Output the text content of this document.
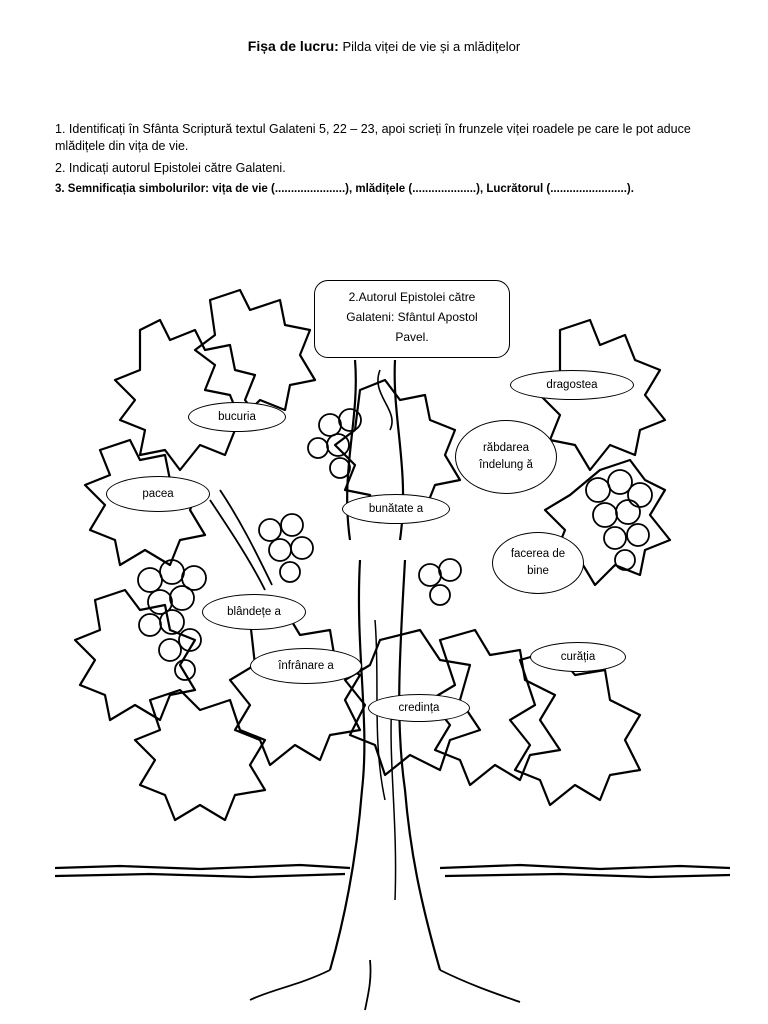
Fișa de lucru: Pilda viței de vie și a mlădițelor
1. Identificați în Sfânta Scriptură textul Galateni 5, 22 – 23, apoi scrieți în frunzele viței roadele pe care le pot aduce mlădițele din vița de vie.
2. Indicați autorul Epistolei către Galateni.
3. Semnificația simbolurilor: vița de vie (......................), mlădițele (....................), Lucrătorul (........................).
2.Autorul Epistolei către Galateni: Sfântul Apostol Pavel.
dragostea
bucuria
răbdarea îndelung ă
pacea
bunătate a
facerea de bine
blândețe a
curăția
înfrânare a
credința
